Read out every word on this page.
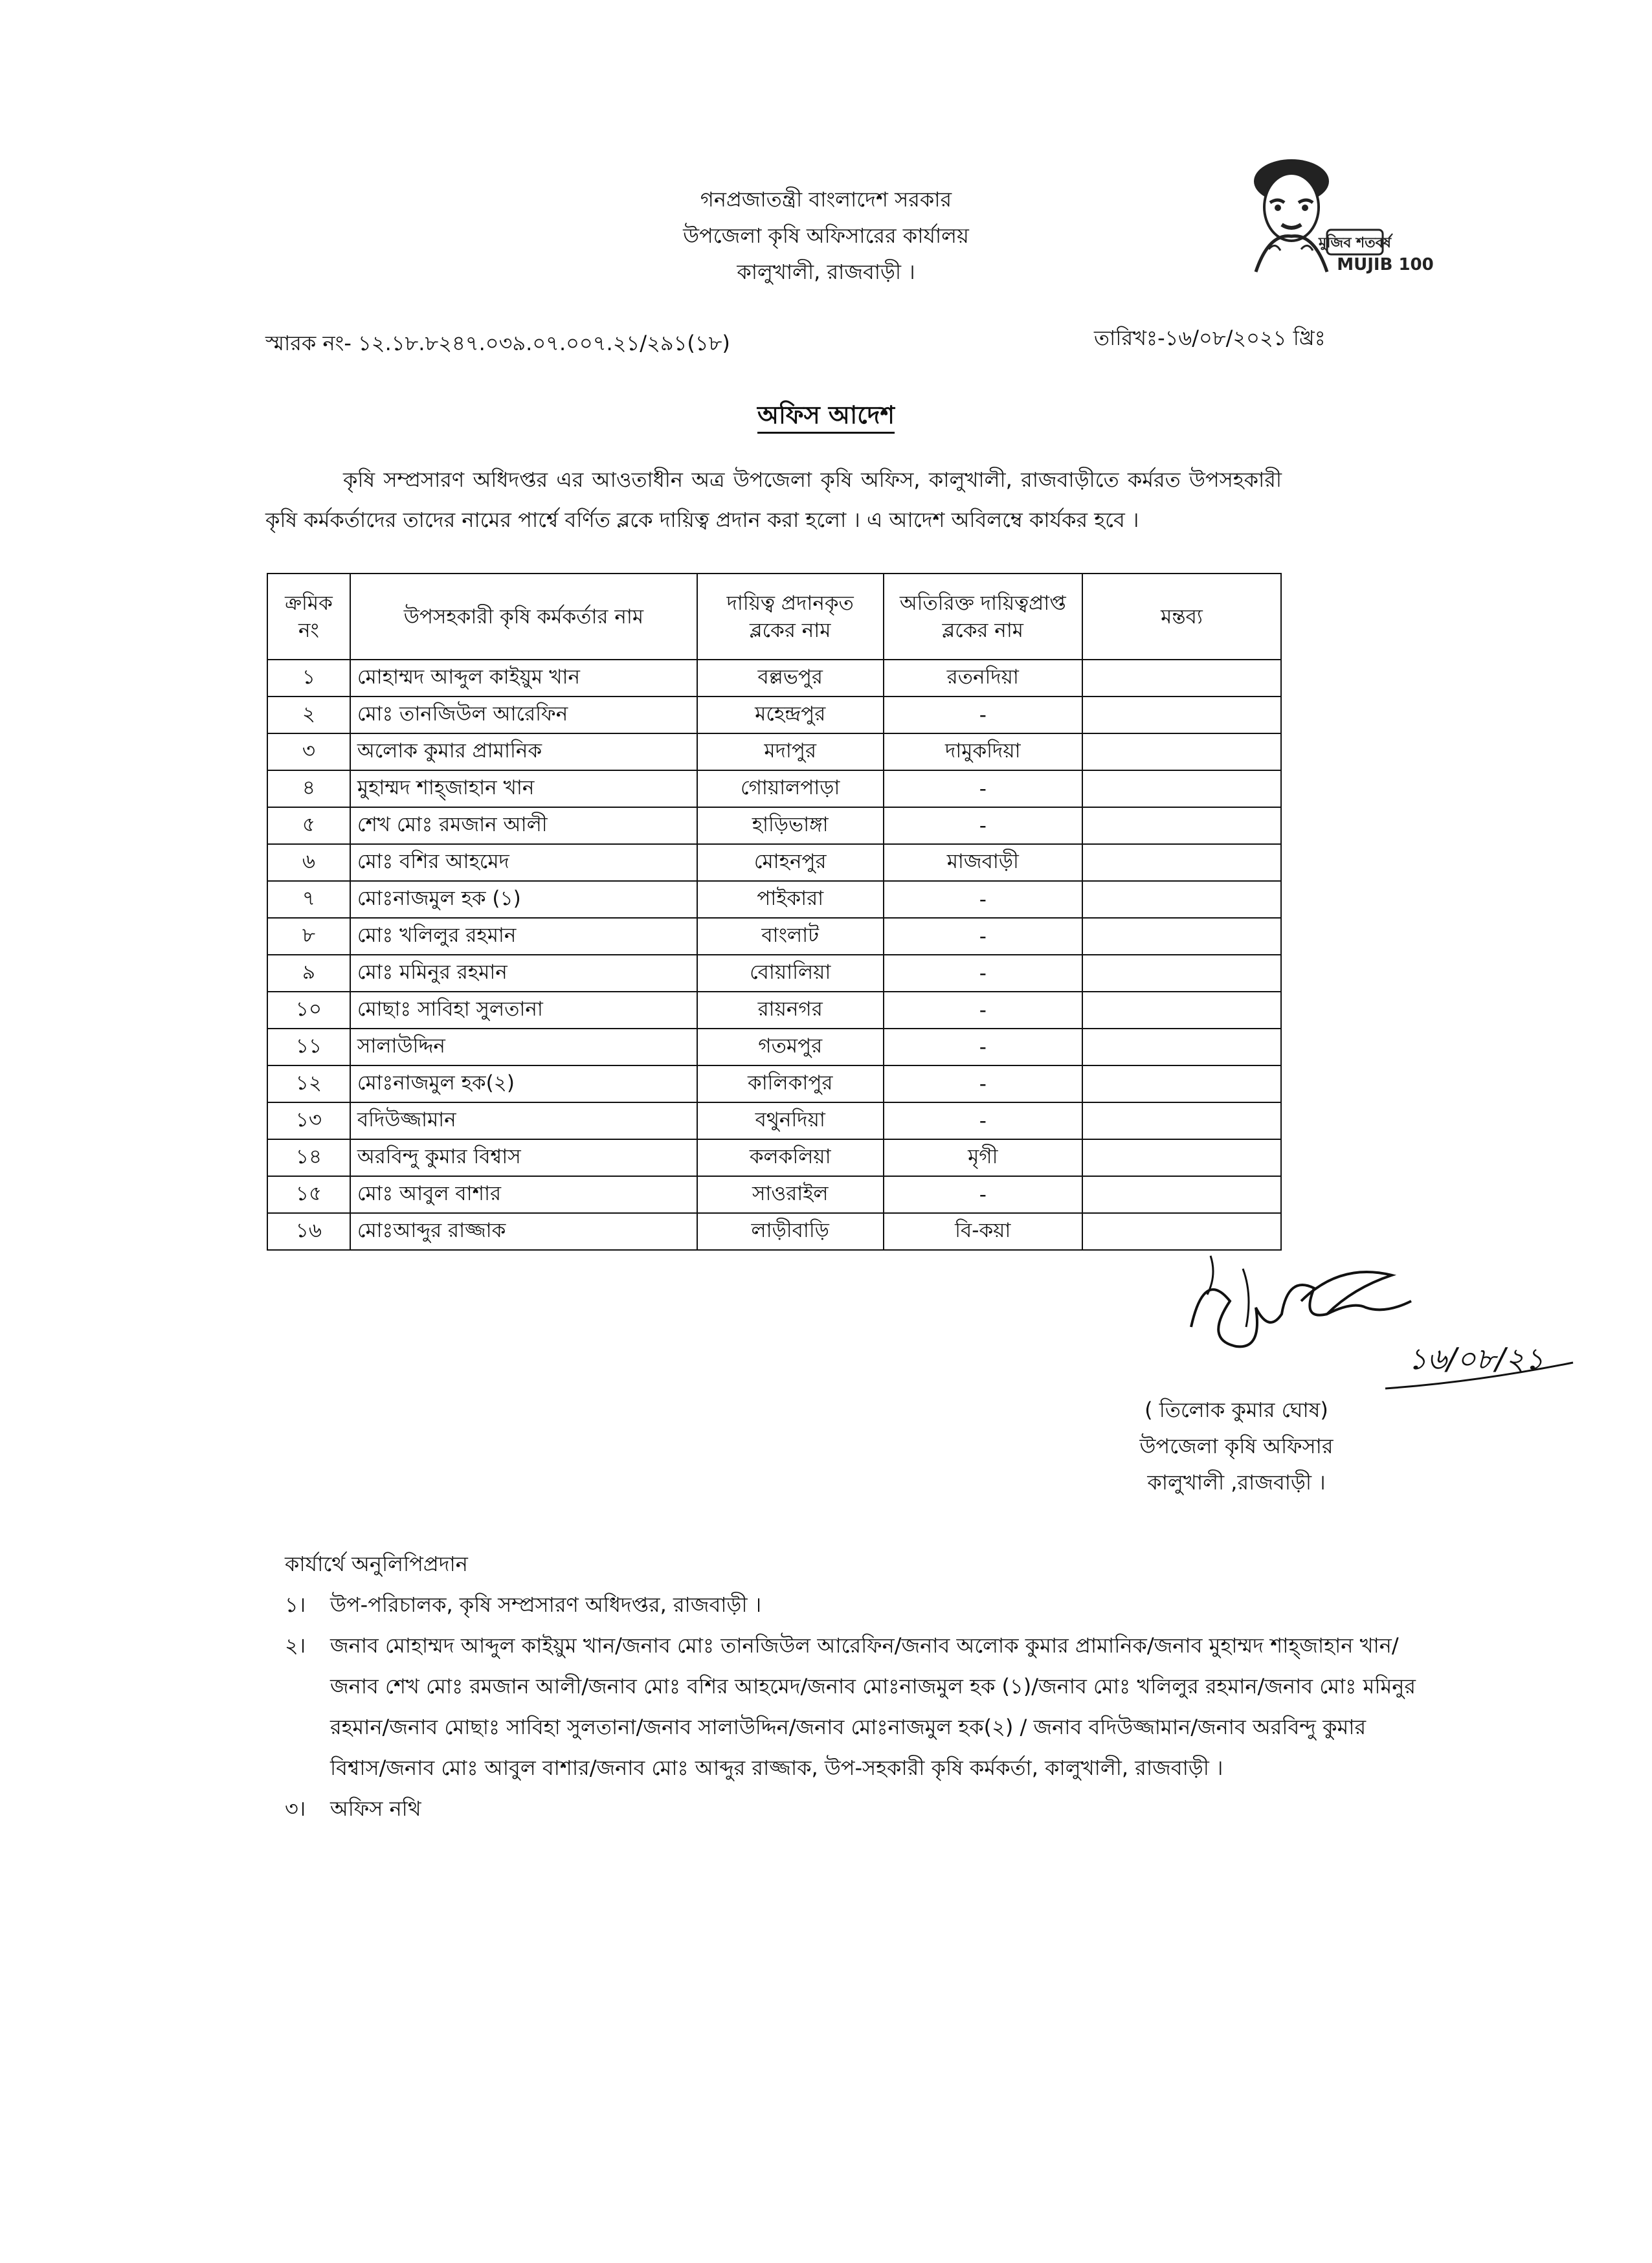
গনপ্রজাতন্ত্রী বাংলাদেশ সরকার
উপজেলা কৃষি অফিসারের কার্যালয়
কালুখালী, রাজবাড়ী ।
মুজিব শতবর্ষ
MUJIB 100
স্মারক নং- ১২.১৮.৮২৪৭.০৩৯.০৭.০০৭.২১/২৯১(১৮)	তারিখঃ-১৬/০৮/২০২১ খ্রিঃ
অফিস আদেশ
কৃষি সম্প্রসারণ অধিদপ্তর এর আওতাধীন অত্র উপজেলা কৃষি অফিস, কালুখালী, রাজবাড়ীতে কর্মরত উপসহকারী কৃষি কর্মকর্তাদের তাদের নামের পার্শ্বে বর্ণিত ব্লকে দায়িত্ব প্রদান করা হলো । এ আদেশ অবিলম্বে কার্যকর হবে ।
ক্রমিক নং	উপসহকারী কৃষি কর্মকর্তার নাম	দায়িত্ব প্রদানকৃত ব্লকের নাম	অতিরিক্ত দায়িত্বপ্রাপ্ত ব্লকের নাম	মন্তব্য
১	মোহাম্মদ আব্দুল কাইয়ুম খান	বল্লভপুর	রতনদিয়া	
২	মোঃ তানজিউল আরেফিন	মহেন্দ্রপুর	-	
৩	অলোক কুমার প্রামানিক	মদাপুর	দামুকদিয়া	
৪	মুহাম্মদ শাহ্‌জাহান খান	গোয়ালপাড়া	-	
৫	শেখ মোঃ রমজান আলী	হাড়িভাঙ্গা	-	
৬	মোঃ বশির আহমেদ	মোহনপুর	মাজবাড়ী	
৭	মোঃনাজমুল হক (১)	পাইকারা	-	
৮	মোঃ খলিলুর রহমান	বাংলাট	-	
৯	মোঃ মমিনুর রহমান	বোয়ালিয়া	-	
১০	মোছাঃ সাবিহা সুলতানা	রায়নগর	-	
১১	সালাউদ্দিন	গতমপুর	-	
১২	মোঃনাজমুল হক(২)	কালিকাপুর	-	
১৩	বদিউজ্জামান	বথুনদিয়া	-	
১৪	অরবিন্দু কুমার বিশ্বাস	কলকলিয়া	মৃগী	
১৫	মোঃ আবুল বাশার	সাওরাইল	-	
১৬	মোঃআব্দুর রাজ্জাক	লাড়ীবাড়ি	বি-কয়া	
১৬/০৮/২১
( তিলোক কুমার ঘোষ)
উপজেলা কৃষি অফিসার
কালুখালী ,রাজবাড়ী ।
কার্যার্থে অনুলিপিপ্রদান
১।	উপ-পরিচালক, কৃষি সম্প্রসারণ অধিদপ্তর, রাজবাড়ী ।
২।	জনাব মোহাম্মদ আব্দুল কাইয়ুম খান/জনাব মোঃ তানজিউল আরেফিন/জনাব অলোক কুমার প্রামানিক/জনাব মুহাম্মদ শাহ্‌জাহান খান/জনাব শেখ মোঃ রমজান আলী/জনাব মোঃ বশির আহমেদ/জনাব মোঃনাজমুল হক (১)/জনাব মোঃ খলিলুর রহমান/জনাব মোঃ মমিনুর রহমান/জনাব মোছাঃ সাবিহা সুলতানা/জনাব সালাউদ্দিন/জনাব মোঃনাজমুল হক(২) / জনাব বদিউজ্জামান/জনাব অরবিন্দু কুমার বিশ্বাস/জনাব মোঃ আবুল বাশার/জনাব মোঃ আব্দুর রাজ্জাক, উপ-সহকারী কৃষি কর্মকর্তা, কালুখালী, রাজবাড়ী ।
৩।	অফিস নথি
